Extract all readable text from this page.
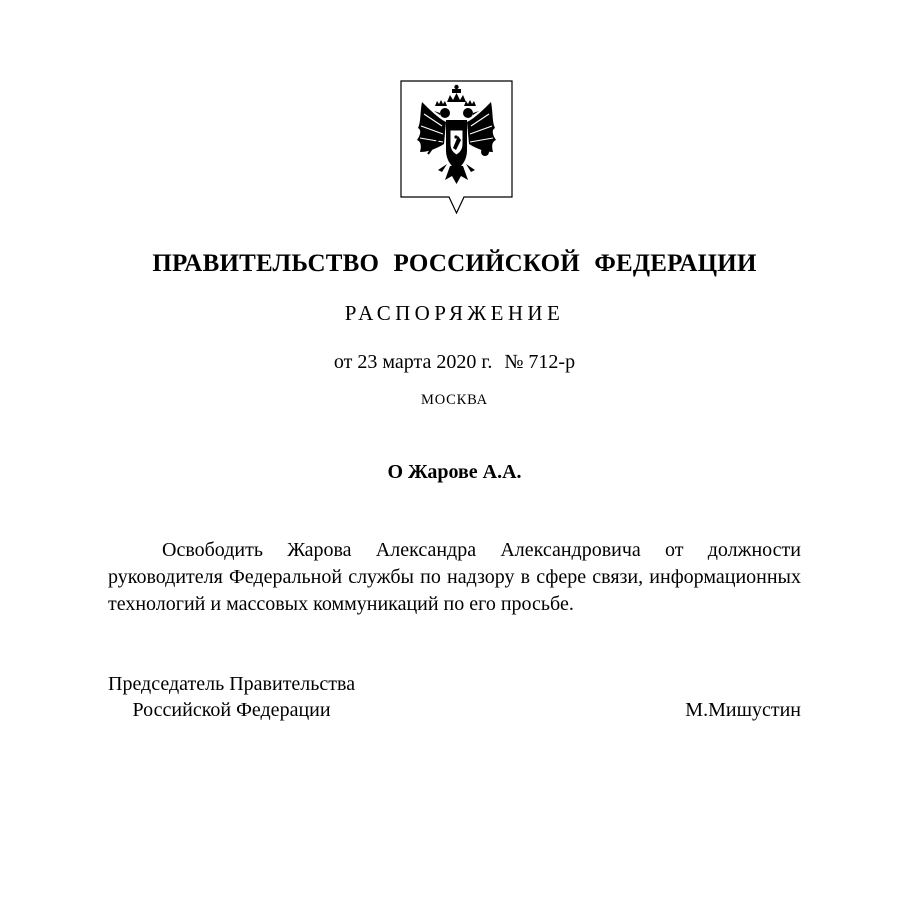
ПРАВИТЕЛЬСТВО РОССИЙСКОЙ ФЕДЕРАЦИИ
РАСПОРЯЖЕНИЕ
от 23 марта 2020 г. № 712-р
МОСКВА
О Жарове А.А.

Освободить Жарова Александра Александровича от должности руководителя Федеральной службы по надзору в сфере связи, информационных технологий и массовых коммуникаций по его просьбе.

Председатель Правительства
Российской Федерации	М.Мишустин
